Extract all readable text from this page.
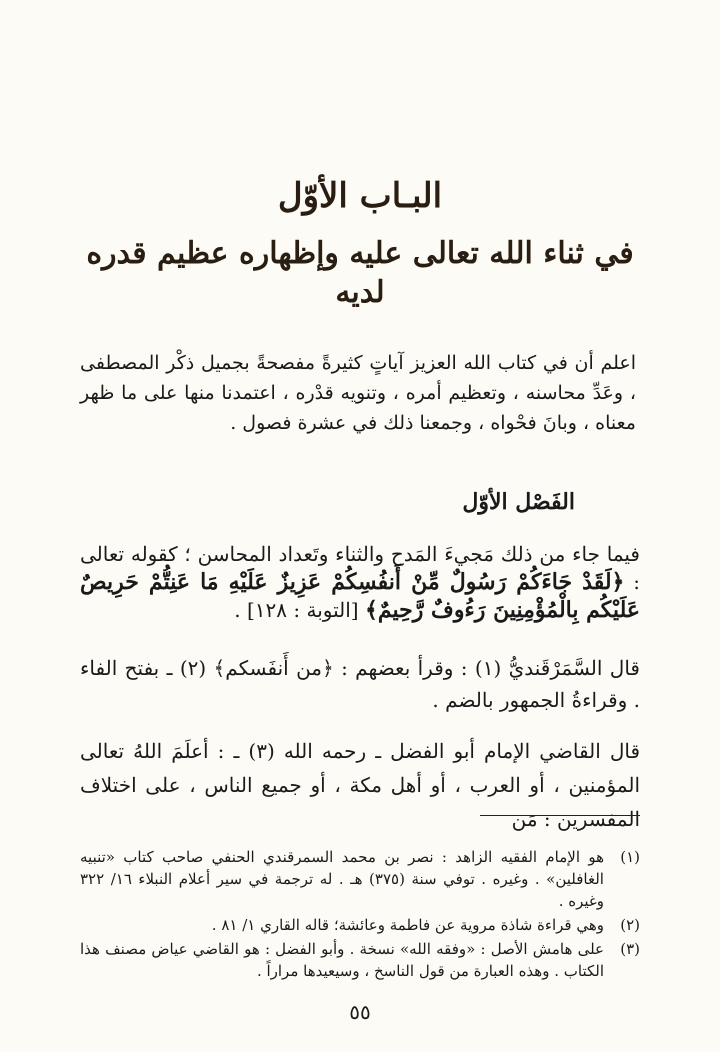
البـاب الأوّل
في ثناء الله تعالى عليه وإظهاره عظيم قدره لديه

اعلم أن في كتاب الله العزيز آياتٍ كثيرةً مفصحةً بجميل ذكْر المصطفى ، وعَدِّ محاسنه ، وتعظيم أمره ، وتنويه قدْره ، اعتمدنا منها على ما ظهر معناه ، وبانَ فحْواه ، وجمعنا ذلك في عشرة فصول .

الفَصْل الأوّل

فيما جاء من ذلك مَجيءَ المَدح والثناء وتَعداد المحاسن ؛ كقوله تعالى : ﴿لَقَدْ جَاءَكُمْ رَسُولٌ مِّنْ أَنفُسِكُمْ عَزِيزٌ عَلَيْهِ مَا عَنِتُّمْ حَرِيصٌ عَلَيْكُم بِالْمُؤْمِنِينَ رَءُوفٌ رَّحِيمٌ﴾ [التوبة : ١٢٨] .

قال السَّمَرْقَنديُّ (١) : وقرأ بعضهم : ﴿من أَنفَسكم﴾ (٢) ـ بفتح الفاء . وقراءةُ الجمهور بالضم .

قال القاضي الإمام أبو الفضل ـ رحمه الله (٣) ـ : أعلَمَ اللهُ تعالى المؤمنين ، أو العرب ، أو أهل مكة ، أو جميع الناس ، على اختلاف المفسرين : مَن

(١)
هو الإمام الفقيه الزاهد : نصر بن محمد السمرقندي الحنفي صاحب كتاب «تنبيه الغافلين» . وغيره . توفي سنة (٣٧٥) هـ . له ترجمة في سير أعلام النبلاء ١٦/ ٣٢٢ وغيره .
(٢)
وهي قراءة شاذة مروية عن فاطمة وعائشة؛ قاله القاري ١/ ٨١ .
(٣)
على هامش الأصل : «وفقه الله» نسخة . وأبو الفضل : هو القاضي عياض مصنف هذا الكتاب . وهذه العبارة من قول الناسخ ، وسيعيدها مراراً .
٥٥
